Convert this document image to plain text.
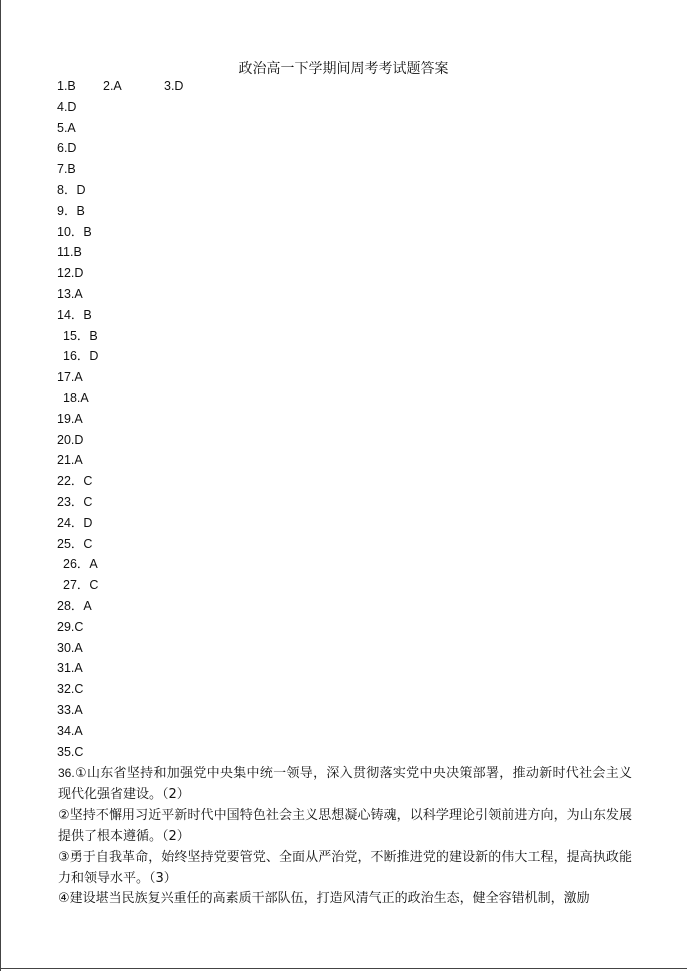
政治高一下学期间周考考试题答案
1.B 2.A	3.D
4.D
5.A
6.D
7.B
8．D
9．B
10．B
11.B
12.D
13.A
14．B
15．B
16．D
17.A
18.A
19.A
20.D
21.A
22．C
23．C
24．D
25．C
26．A
27．C
28．A
29.C
30.A
31.A
32.C
33.A
34.A
35.C

36.①山东省坚持和加强党中央集中统一领导，深入贯彻落实党中央决策部署，推动新时代社会主义现代化强省建设。（2）

②坚持不懈用习近平新时代中国特色社会主义思想凝心铸魂，以科学理论引领前进方向，为山东发展提供了根本遵循。（2）

③勇于自我革命，始终坚持党要管党、全面从严治党，不断推进党的建设新的伟大工程，提高执政能力和领导水平。（3）

④建设堪当民族复兴重任的高素质干部队伍，打造风清气正的政治生态，健全容错机制，激励
